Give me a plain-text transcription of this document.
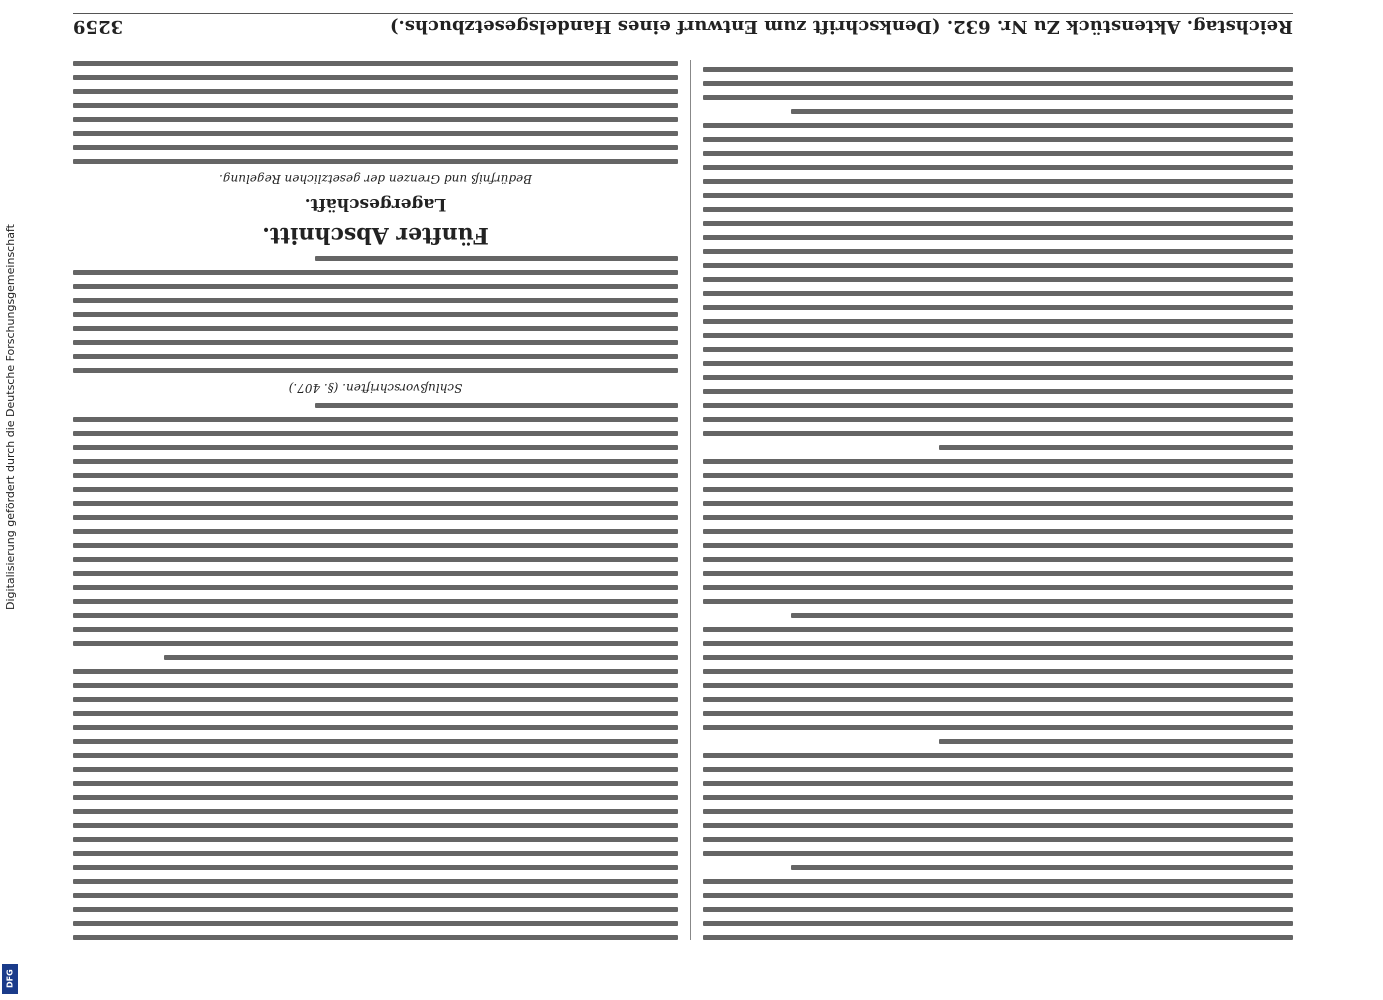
Reichstag. Aktenstück Zu Nr. 632. (Denkschrift zum Entwurf eines Handelsgesetzbuchs.)
3259
Schlußvorschriften. (§. 407.)
Fünfter Abschnitt.
Lagergeschäft.
Bedürfniß und Grenzen der gesetzlichen Regelung.
Digitalisierung gefördert durch die Deutsche Forschungsgemeinschaft
DFG
